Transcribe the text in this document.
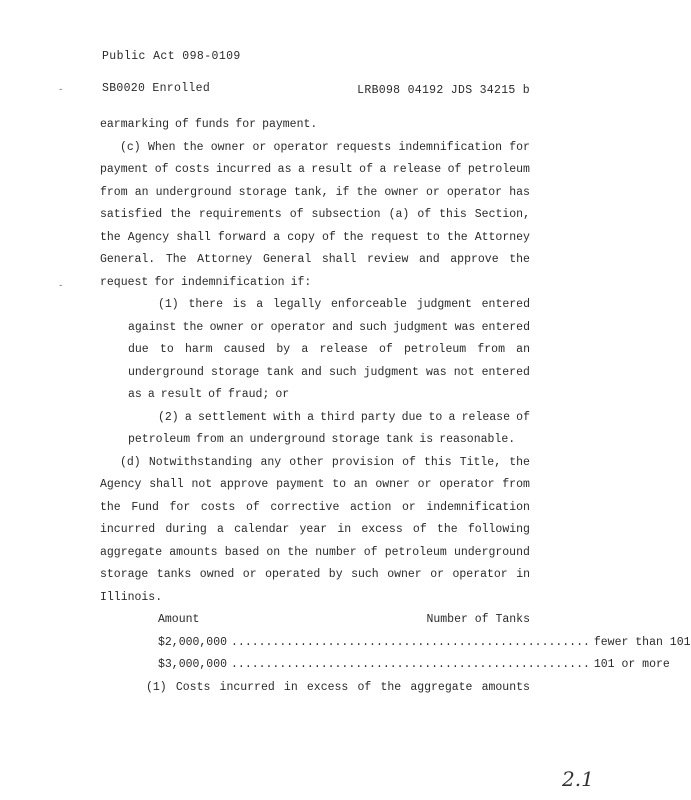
Public Act 098-0109
SB0020 Enrolled	LRB098 04192 JDS 34215 b
-
-
earmarking of funds for payment.
(c) When the owner or operator requests indemnification for
payment of costs incurred as a result of a release of petroleum
from an underground storage tank, if the owner or operator has
satisfied the requirements of subsection (a) of this Section,
the Agency shall forward a copy of the request to the Attorney
General. The Attorney General shall review and approve the
request for indemnification if:
(1) there is a legally enforceable judgment entered
against the owner or operator and such judgment was entered
due to harm caused by a release of petroleum from an
underground storage tank and such judgment was not entered
as a result of fraud; or
(2) a settlement with a third party due to a release of
petroleum from an underground storage tank is reasonable.
(d) Notwithstanding any other provision of this Title, the
Agency shall not approve payment to an owner or operator from
the Fund for costs of corrective action or indemnification
incurred during a calendar year in excess of the following
aggregate amounts based on the number of petroleum underground
storage tanks owned or operated by such owner or operator in
Illinois.
Amount	Number of Tanks
$2,000,000 .................................................... fewer than 101
$3,000,000 .................................................... 101 or more
(1) Costs incurred in excess of the aggregate amounts
2.1
